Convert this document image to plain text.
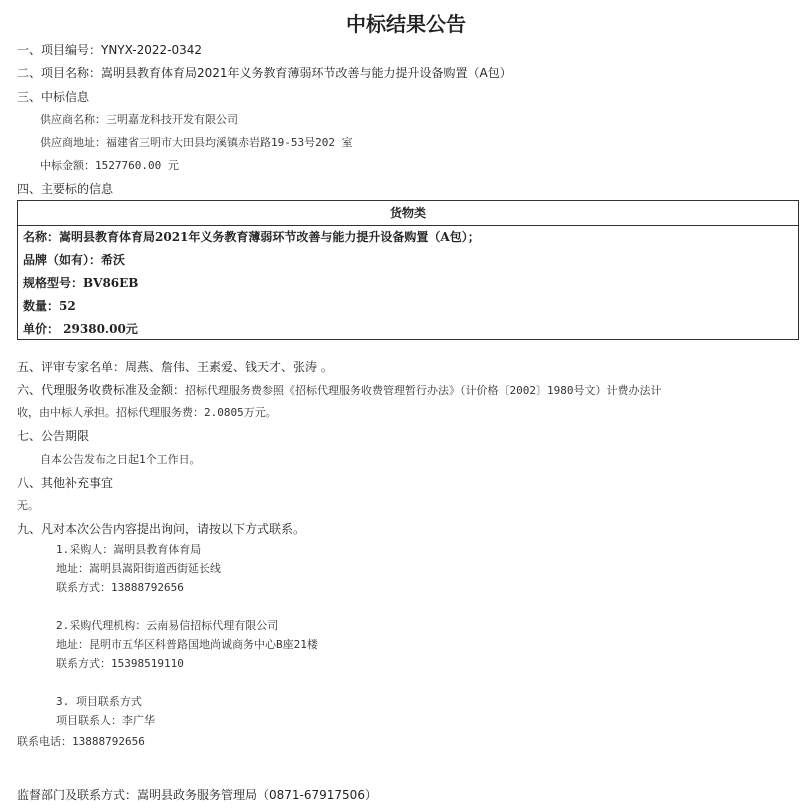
中标结果公告
一、项目编号：YNYX-2022-0342
二、项目名称：嵩明县教育体育局2021年义务教育薄弱环节改善与能力提升设备购置（A包）
三、中标信息
供应商名称：三明嘉龙科技开发有限公司
供应商地址：福建省三明市大田县均溪镇赤岩路19-53号202 室
中标金额：1527760.00 元
四、主要标的信息
货物类
名称：嵩明县教育体育局2021年义务教育薄弱环节改善与能力提升设备购置（A包）；
品牌（如有）：希沃
规格型号：BV86EB
数量：52
单价： 29380.00元
五、评审专家名单：周燕、詹伟、王素爱、钱天才、张涛 。
六、代理服务收费标准及金额：招标代理服务费参照《招标代理服务收费管理暂行办法》（计价格〔2002〕1980号文）计费办法计
收，由中标人承担。招标代理服务费：2.0805万元。
七、公告期限
自本公告发布之日起1个工作日。
八、其他补充事宜
无。
九、凡对本次公告内容提出询问，请按以下方式联系。
1.采购人：嵩明县教育体育局
地址：嵩明县嵩阳街道西街延长线
联系方式：13888792656
2.采购代理机构：云南易信招标代理有限公司
地址：昆明市五华区科普路国地尚诚商务中心B座21楼
联系方式：15398519110
3. 项目联系方式
项目联系人：李广华
联系电话：13888792656
监督部门及联系方式：嵩明县政务服务管理局（0871-67917506）
